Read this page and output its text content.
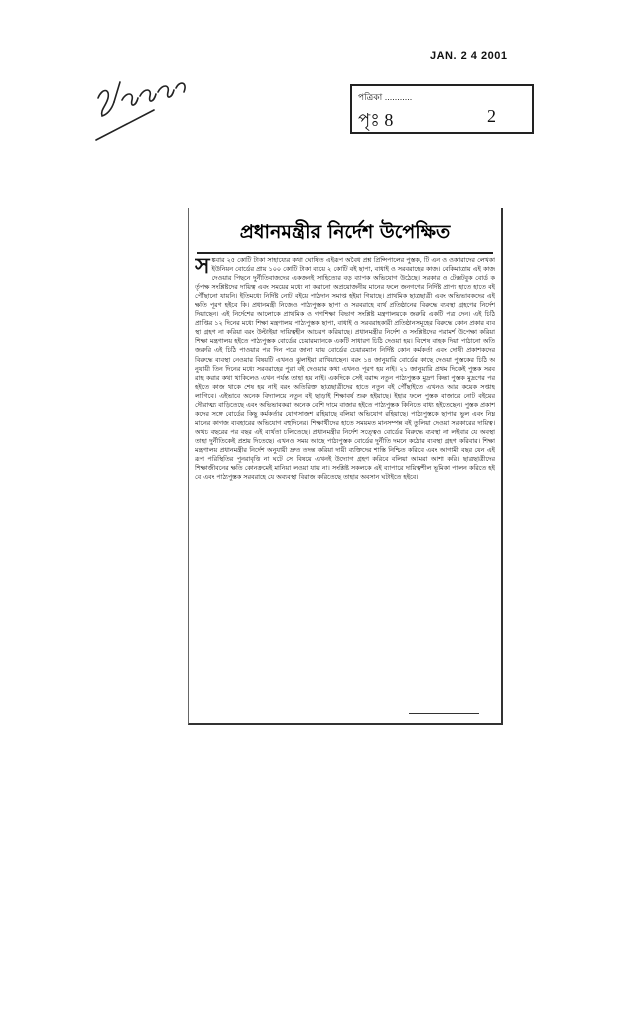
JAN. 2 4 2001
পত্রিকা ...........
পৃঃ 8	2
প্রধানমন্ত্রীর নির্দেশ উপেক্ষিত
সঙ্কবার ২৫ কোটি টাকা সাহায্যের কথা ঘোষিত এইরূপ অবৈধ প্রশ্ন প্রিন্সিপালের পুস্তক, টি এন ও ওকারাদের লেখকা ইউনিয়ন বোর্ডের প্রায় ১০০ কোটি টাকা ব্যয়ে ২ কোটি বই ছাপা, বাধাই ও সরবরাহের কাজ। বেকিমাত্রায় এই কাজ দেওয়ার পিছনে দুর্নীতিবাজদের একজনই সাহিত্যের বড় ব্যাপক অভিযোগ উঠেছে। সরকার ও টেক্সটবুক বোর্ড কর্তৃপক্ষ সংশ্লিষ্টদের দায়িত্ব এবং সময়ের মধ্যে না করানো অপ্রয়োজনীয় মানের ফলে জনগণের নির্দিষ্ট প্রাপ্য হাতে হাতে বই পৌঁছানো যায়নি। ইতিমধ্যে নির্দিষ্ট নোট বইয়ে পাঠদান সমাপ্ত হইয়া গিয়াছে। প্রাথমিক ছাত্রছাত্রী এবং অভিভাবকদের এই ক্ষতি পূরণ হইবে কি। প্রধানমন্ত্রী নিজেও পাঠ্যপুস্তক ছাপা ও সরবরাহে ব্যর্থ প্রতিষ্ঠানের বিরুদ্ধে ব্যবস্থা গ্রহণের নির্দেশ দিয়াছেন। এই নির্দেশের আলোকে প্রাথমিক ও গণশিক্ষা বিভাগ সংশ্লিষ্ট মন্ত্রণালয়কে জরুরি একটি পত্র দেন। এই চিঠি প্রাপ্তির ১২ দিনের মধ্যে শিক্ষা মন্ত্রণালয় পাঠ্যপুস্তক ছাপা, বাধাই ও সরবরাহকারী প্রতিষ্ঠানসমূহের বিরুদ্ধে কোন প্রকার ব্যবস্থা গ্রহণ না করিয়া বরং উল্টাইয়া দায়িত্বহীন আচরণ করিয়াছে। প্রধানমন্ত্রীর নির্দেশ ও সংশ্লিষ্টদের পরামর্শ উপেক্ষা করিয়া শিক্ষা মন্ত্রণালয় হইতে পাঠ্যপুস্তক বোর্ডের চেয়ারম্যানকে একটি সাধারণ চিঠি দেওয়া হয়। বিশেষ বাহক দিয়া পাঠানো অতি জরুরি এই চিঠি পাওয়ার পর দিন পরে জানা যায় বোর্ডের চেয়ারম্যান নির্দিষ্ট কোন কর্মকর্তা এবং দোষী প্রকাশকদের বিরুদ্ধে ব্যবস্থা নেওয়ার বিষয়টি এখনও ঝুলাইয়া রাখিয়াছেন। বরং ১৪ জানুয়ারি বোর্ডের কাছে দেওয়া পুস্তকের চিঠি অনুযায়ী তিন দিনের মধ্যে সরবরাহের পুরা বই দেওয়ার কথা এখনও পূরণ হয় নাই। ২১ জানুয়ারি প্রথম দিকেই পুস্তক সরবরাহ করার কথা থাকিলেও এখন পর্যন্ত তাহা হয় নাই। একদিকে সেই বরাদ্দ নতুন পাঠ্যপুস্তক মুদ্রণ কিন্তা পুস্তক মুদ্রণের পর হইতে কাজ থাকে শেষ হয় নাই বরং অতিরিক্ত ছাত্রছাত্রীদের হাতে নতুন বই পৌঁছাইতে এখনও আর কয়েক সপ্তাহ লাগিবে। এইভাবে অনেক বিদ্যালয়ে নতুন বই ছাড়াই শিক্ষাবর্ষ শুরু হইয়াছে। ইহার ফলে পুস্তক বাজারে নোট বইয়ের দৌরাত্ম্য বাড়িতেছে এবং অভিভাবকরা অনেক বেশি দামে বাজার হইতে পাঠ্যপুস্তক কিনিতে বাধ্য হইতেছেন। পুস্তক প্রকাশকদের সঙ্গে বোর্ডের কিছু কর্মকর্তার যোগসাজশ রহিয়াছে বলিয়া অভিযোগ রহিয়াছে। পাঠ্যপুস্তকে ছাপার ভুল এবং নিম্নমানের কাগজ ব্যবহারের অভিযোগ বহুদিনের। শিক্ষার্থীদের হাতে সময়মত মানসম্পন্ন বই তুলিয়া দেওয়া সরকারের দায়িত্ব। অথচ বছরের পর বছর এই ব্যর্থতা চলিতেছে। প্রধানমন্ত্রীর নির্দেশ সত্ত্বেও বোর্ডের বিরুদ্ধে ব্যবস্থা না লইবার যে অবস্থা তাহা দুর্নীতিকেই প্রশ্রয় দিতেছে। এখনও সময় আছে পাঠ্যপুস্তক বোর্ডের দুর্নীতি দমনে কঠোর ব্যবস্থা গ্রহণ করিবার। শিক্ষা মন্ত্রণালয় প্রধানমন্ত্রীর নির্দেশ অনুযায়ী দ্রুত তদন্ত করিয়া দায়ী ব্যক্তিদের শাস্তি নিশ্চিত করিবে এবং আগামী বছর যেন এইরূপ পরিস্থিতির পুনরাবৃত্তি না ঘটে সে বিষয়ে এখনই উদ্যোগ গ্রহণ করিবে বলিয়া আমরা আশা করি। ছাত্রছাত্রীদের শিক্ষাজীবনের ক্ষতি কোনক্রমেই মানিয়া লওয়া যায় না। সংশ্লিষ্ট সকলকে এই ব্যাপারে দায়িত্বশীল ভূমিকা পালন করিতে হইবে এবং পাঠ্যপুস্তক সরবরাহে যে অব্যবস্থা বিরাজ করিতেছে তাহার অবসান ঘটাইতে হইবে।
